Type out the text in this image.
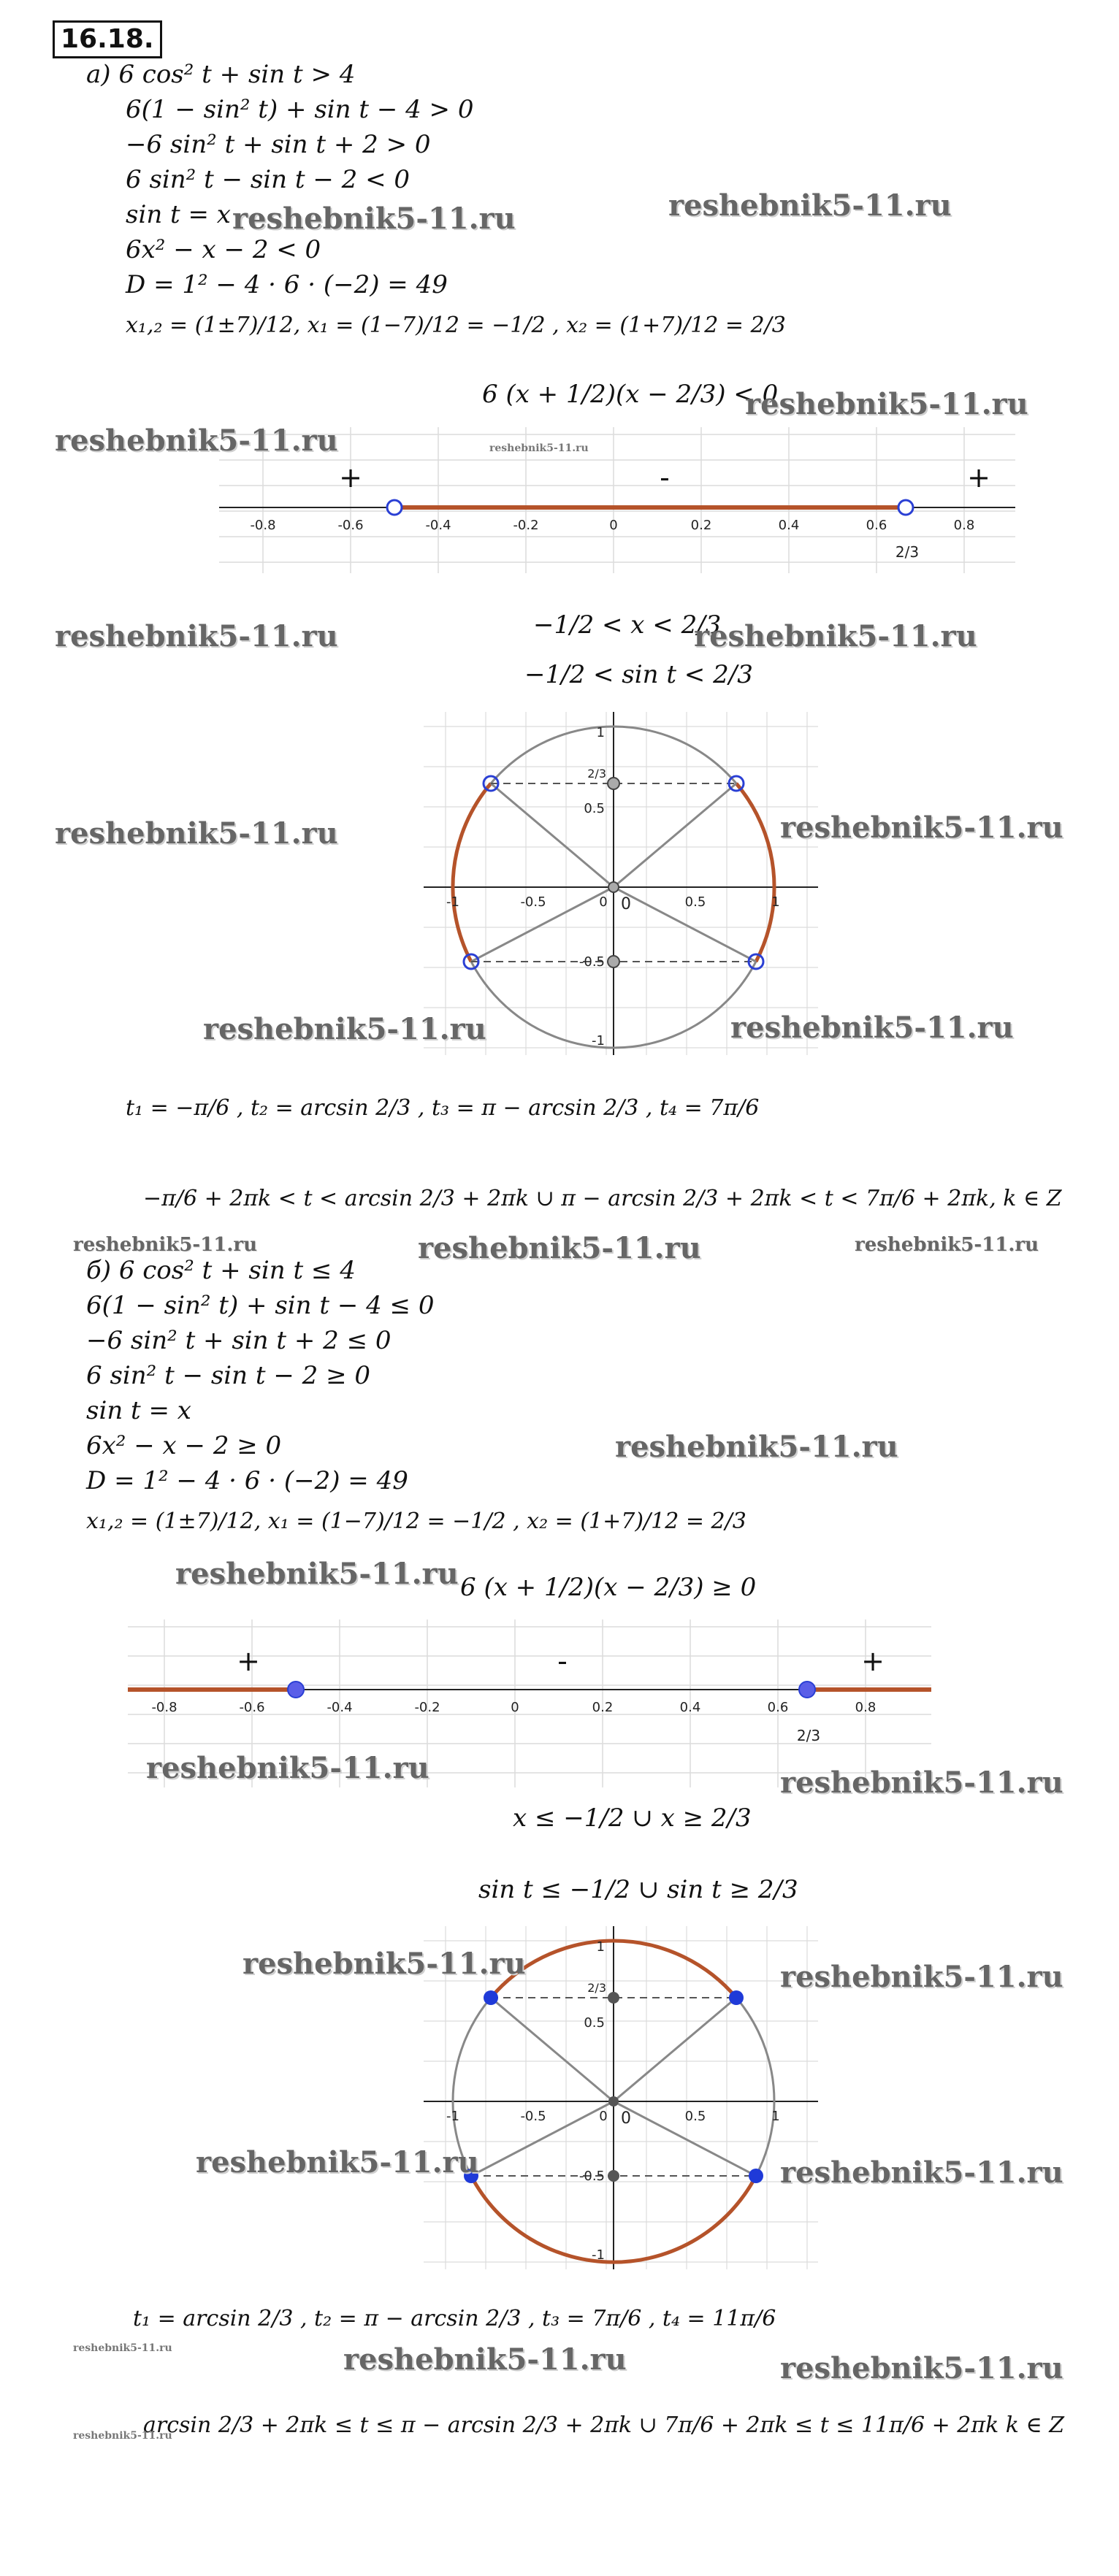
16.18.
а) 6 cos² t + sin t > 4
6(1 − sin² t) + sin t − 4 > 0
−6 sin² t + sin t + 2 > 0
6 sin² t − sin t − 2 < 0
sin t = x
6x² − x − 2 < 0
D = 1² − 4 · 6 · (−2) = 49
x₁,₂ = (1±7)/12, x₁ = (1−7)/12 = −1/2 , x₂ = (1+7)/12 = 2/3
6 (x + 1/2)(x − 2/3) < 0
-0.8	-0.6	-0.4	-0.2	0	0.2	0.4	0.6	0.8
2/3
+	-	+
−1/2 < x < 2/3
−1/2 < sin t < 2/3
-1	-0.5	0	0.5	1
1
0.5
-0.5
-1
0
2/3
t₁ = −π/6 , t₂ = arcsin 2/3 , t₃ = π − arcsin 2/3 , t₄ = 7π/6
−π/6 + 2πk < t < arcsin 2/3 + 2πk ∪ π − arcsin 2/3 + 2πk < t < 7π/6 + 2πk, k ∈ Z
б) 6 cos² t + sin t ≤ 4
6(1 − sin² t) + sin t − 4 ≤ 0
−6 sin² t + sin t + 2 ≤ 0
6 sin² t − sin t − 2 ≥ 0
sin t = x
6x² − x − 2 ≥ 0
D = 1² − 4 · 6 · (−2) = 49
x₁,₂ = (1±7)/12, x₁ = (1−7)/12 = −1/2 , x₂ = (1+7)/12 = 2/3
6 (x + 1/2)(x − 2/3) ≥ 0
-0.8	-0.6	-0.4	-0.2	0	0.2	0.4	0.6	0.8
2/3
+	-	+
x ≤ −1/2 ∪ x ≥ 2/3
sin t ≤ −1/2 ∪ sin t ≥ 2/3
-1	-0.5	0	0.5	1
1
0.5
-0.5
-1
0
2/3
t₁ = arcsin 2/3 , t₂ = π − arcsin 2/3 , t₃ = 7π/6 , t₄ = 11π/6
arcsin 2/3 + 2πk ≤ t ≤ π − arcsin 2/3 + 2πk ∪ 7π/6 + 2πk ≤ t ≤ 11π/6 + 2πk k ∈ Z
reshebnik5-11.ru	reshebnik5-11.ru
reshebnik5-11.ru
reshebnik5-11.ru	reshebnik5-11.ru
reshebnik5-11.ru	reshebnik5-11.ru
reshebnik5-11.ru	reshebnik5-11.ru
reshebnik5-11.ru	reshebnik5-11.ru
reshebnik5-11.ru	reshebnik5-11.ru	reshebnik5-11.ru
reshebnik5-11.ru
reshebnik5-11.ru
reshebnik5-11.ru	reshebnik5-11.ru
reshebnik5-11.ru	reshebnik5-11.ru
reshebnik5-11.ru	reshebnik5-11.ru
reshebnik5-11.ru	reshebnik5-11.ru	reshebnik5-11.ru
reshebnik5-11.ru
